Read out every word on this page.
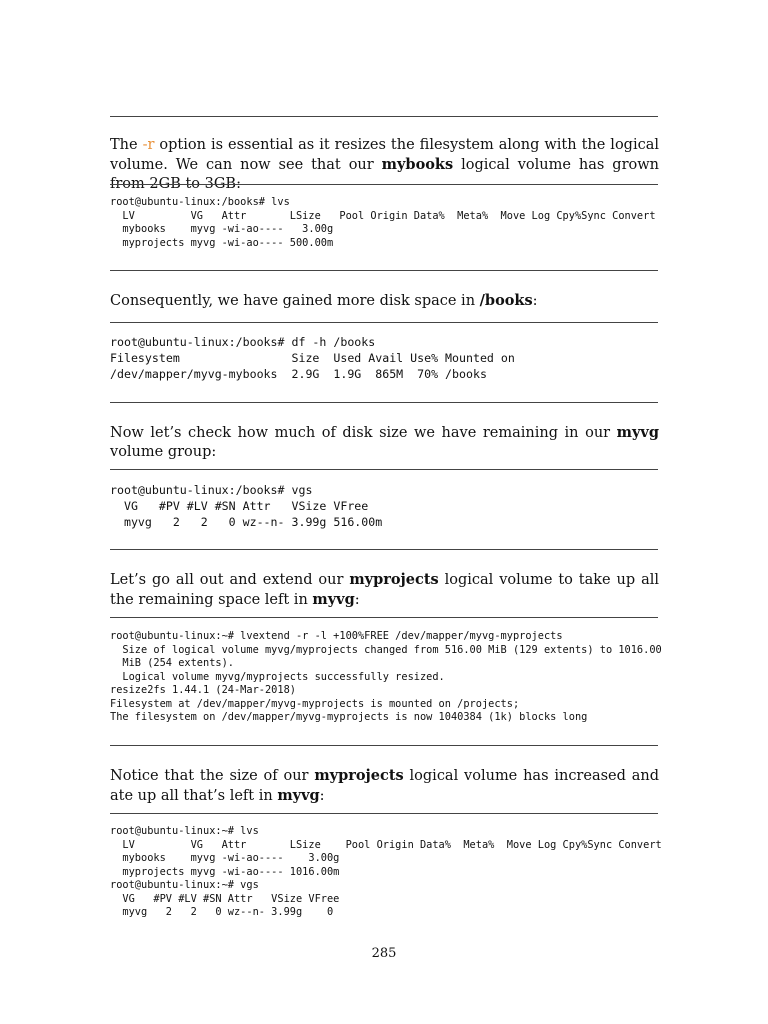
The -r option is essential as it resizes the filesystem along with the logical volume. We can now see that our mybooks logical volume has grown from 2GB to 3GB:

root@ubuntu-linux:/books# lvs
LV         VG   Attr       LSize   Pool Origin Data%  Meta%  Move Log Cpy%Sync Convert
mybooks    myvg -wi-ao----   3.00g
myprojects myvg -wi-ao---- 500.00m

Consequently, we have gained more disk space in /books:

root@ubuntu-linux:/books# df -h /books
Filesystem                Size  Used Avail Use% Mounted on
/dev/mapper/myvg-mybooks  2.9G  1.9G  865M  70% /books

Now let’s check how much of disk size we have remaining in our myvg volume group:

root@ubuntu-linux:/books# vgs
VG   #PV #LV #SN Attr   VSize VFree
myvg   2   2   0 wz--n- 3.99g 516.00m

Let’s go all out and extend our myprojects logical volume to take up all the remaining space left in myvg:

root@ubuntu-linux:~# lvextend -r -l +100%FREE /dev/mapper/myvg-myprojects
Size of logical volume myvg/myprojects changed from 516.00 MiB (129 extents) to 1016.00
MiB (254 extents).
Logical volume myvg/myprojects successfully resized.
resize2fs 1.44.1 (24-Mar-2018)
Filesystem at /dev/mapper/myvg-myprojects is mounted on /projects;
The filesystem on /dev/mapper/myvg-myprojects is now 1040384 (1k) blocks long

Notice that the size of our myprojects logical volume has increased and ate up all that’s left in myvg:

root@ubuntu-linux:~# lvs
LV         VG   Attr       LSize    Pool Origin Data%  Meta%  Move Log Cpy%Sync Convert
mybooks    myvg -wi-ao----    3.00g
myprojects myvg -wi-ao---- 1016.00m
root@ubuntu-linux:~# vgs
VG   #PV #LV #SN Attr   VSize VFree
myvg   2   2   0 wz--n- 3.99g    0
285
